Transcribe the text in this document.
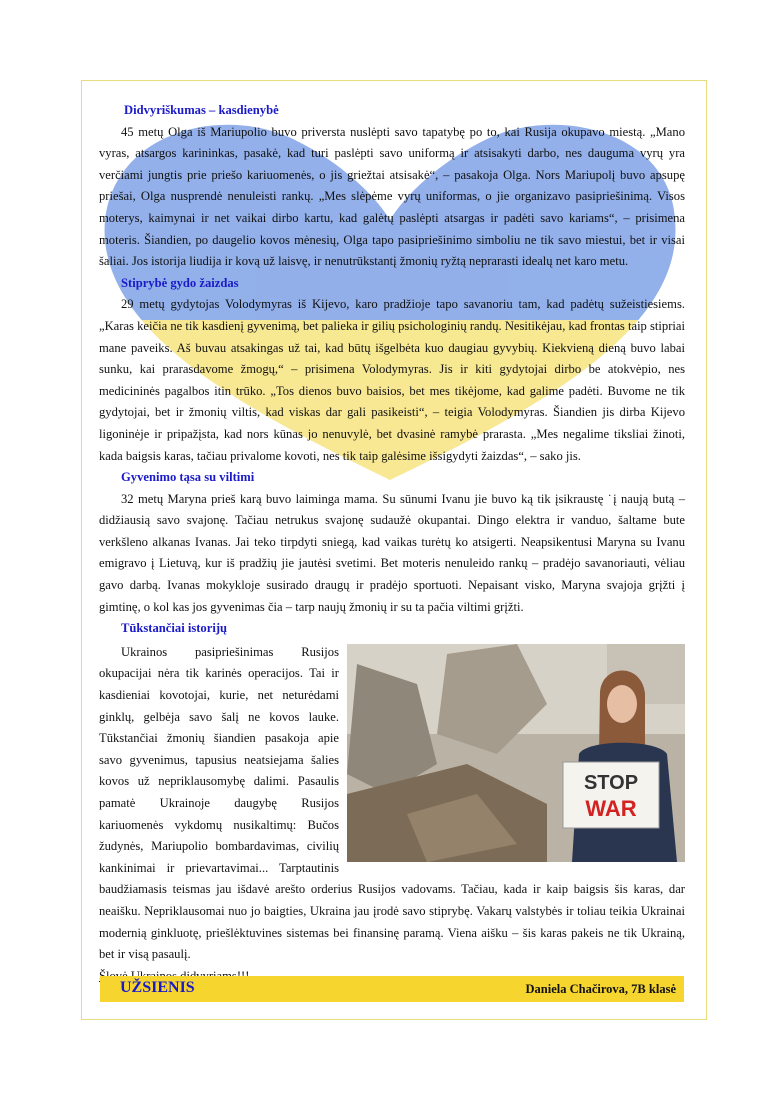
Didvyriškumas – kasdienybė

45 metų Olga iš Mariupolio buvo priversta nuslėpti savo tapatybę po to, kai Rusija okupavo miestą. „Mano vyras, atsargos karininkas, pasakė, kad turi paslėpti savo uniformą ir atsisakyti darbo, nes dauguma vyrų yra verčiami jungtis prie priešo kariuomenės, o jis griežtai atsisakė“, – pasakoja Olga. Nors Mariupolį buvo apsupę priešai, Olga nusprendė nenuleisti rankų. „Mes slėpėme vyrų uniformas, o jie organizavo pasipriešinimą. Visos moterys, kaimynai ir net vaikai dirbo kartu, kad galėtų paslėpti atsargas ir padėti savo kariams“, – prisimena moteris. Šiandien, po daugelio kovos mėnesių, Olga tapo pasipriešinimo simboliu ne tik savo miestui, bet ir visai šaliai. Jos istorija liudija ir kovą už laisvę, ir nenutrūkstantį žmonių ryžtą neprarasti idealų net karo metu.

Stiprybė gydo žaizdas

29 metų gydytojas Volodymyras iš Kijevo, karo pradžioje tapo savanoriu tam, kad padėtų sužeistiesiems. „Karas keičia ne tik kasdienį gyvenimą, bet palieka ir gilių psichologinių randų. Nesitikėjau, kad frontas taip stipriai mane paveiks. Aš buvau atsakingas už tai, kad būtų išgelbėta kuo daugiau gyvybių. Kiekvieną dieną buvo labai sunku, kai prarasdavome žmogų,“ – prisimena Volodymyras. Jis ir kiti gydytojai dirbo be atokvėpio, nes medicininės pagalbos itin trūko. „Tos dienos buvo baisios, bet mes tikėjome, kad galime padėti. Buvome ne tik gydytojai, bet ir žmonių viltis, kad viskas dar gali pasikeisti“, – teigia Volodymyras. Šiandien jis dirba Kijevo ligoninėje ir pripažįsta, kad nors kūnas jo nenuvylė, bet dvasinė ramybė prarasta. „Mes negalime tiksliai žinoti, kada baigsis karas, tačiau privalome kovoti, nes tik taip galėsime išsigydyti žaizdas“, – sako jis.

Gyvenimo tąsa su viltimi

32 metų Maryna prieš karą buvo laiminga mama. Su sūnumi Ivanu jie buvo ką tik įsikraustę ˙į naują butą – didžiausią savo svajonę. Tačiau netrukus svajonę sudaužė okupantai. Dingo elektra ir vanduo, šaltame bute verkšleno alkanas Ivanas. Jai teko tirpdyti sniegą, kad vaikas turėtų ko atsigerti. Neapsikentusi Maryna su Ivanu emigravo į Lietuvą, kur iš pradžių jie jautėsi svetimi. Bet moteris nenuleido rankų – pradėjo savanoriauti, vėliau gavo darbą. Ivanas mokykloje susirado draugų ir pradėjo sportuoti. Nepaisant visko, Maryna svajoja grįžti į gimtinę, o kol kas jos gyvenimas čia – tarp naujų žmonių ir su ta pačia viltimi grįžti.

Tūkstančiai istorijų
STOP
WAR

Ukrainos pasipriešinimas Rusijos okupacijai nėra tik karinės operacijos. Tai ir kasdieniai kovotojai, kurie, net neturėdami ginklų, gelbėja savo šalį ne kovos lauke. Tūkstančiai žmonių šiandien pasakoja apie savo gyvenimus, tapusius neatsiejama šalies kovos už nepriklausomybę dalimi. Pasaulis pamatė Ukrainoje daugybę Rusijos kariuomenės vykdomų nusikaltimų: Bučos žudynės, Mariupolio bombardavimas, civilių kankinimai ir prievartavimai... Tarptautinis baudžiamasis teismas jau išdavė arešto orderius Rusijos vadovams. Tačiau, kada ir kaip baigsis šis karas, dar neaišku. Nepriklausomai nuo jo baigties, Ukraina jau įrodė savo stiprybę. Vakarų valstybės ir toliau teikia Ukrainai modernią ginkluotę, priešlėktuvines sistemas bei finansinę paramą. Viena aišku – šis karas pakeis ne tik Ukrainą, bet ir visą pasaulį.

UŽSIENIS	Daniela Chačirova, 7B klasė
